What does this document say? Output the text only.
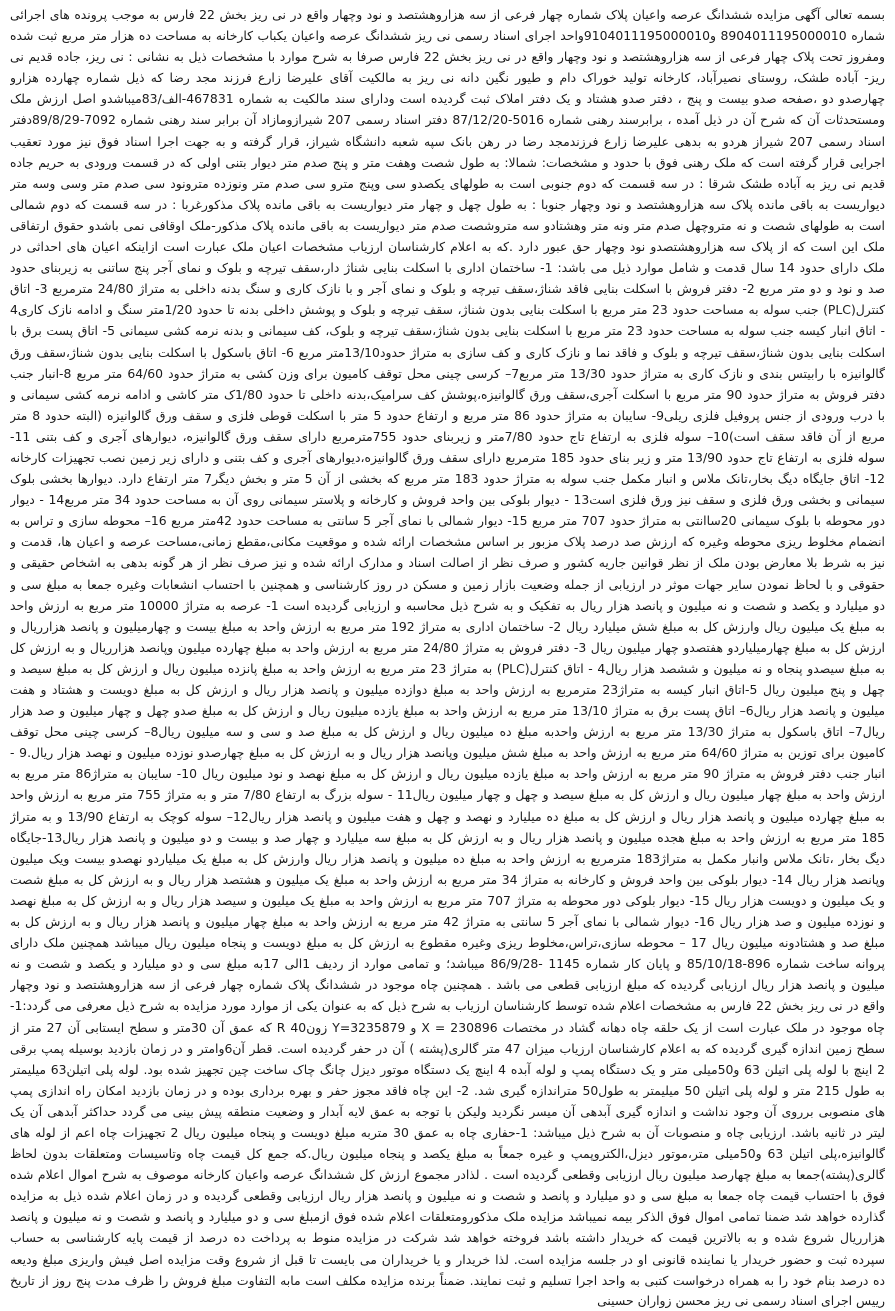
بسمه تعالی آگهی مزایده ششدانگ عرصه واعیان پلاک شماره چهار فرعی از سه هزاروهشتصد و نود وچهار واقع در نی ریز بخش 22 فارس به موجب پرونده های اجرائی شماره 8904011195000010 و9104011195000010واحد اجرای اسناد رسمی نی ریز ششدانگ عرصه واعیان یکباب کارخانه به مساحت ده هزار متر مربع ثبت شده ومفروز تحت پلاک چهار فرعی از سه هزاروهشتصد و نود وچهار واقع در نی ریز بخش 22 فارس صرفا به شرح موارد با مشخصات ذیل به نشانی : نی ریز، جاده قدیم نی ریز- آباده طشک، روستای نصیرآباد، کارخانه تولید خوراک دام و طیور نگین دانه نی ریز به مالکیت آقای علیرضا زارع فرزند مجد رضا که ذیل شماره چهارده هزارو چهارصدو دو ،صفحه صدو بیست و پنج ، دفتر صدو هشتاد و یک دفتر املاک ثبت گردیده است ودارای سند مالکیت به شماره 467831-الف/83میباشدو اصل ارزش ملک ومستحدثات آن که شرح آن در ذیل آمده ، برابرسند رهنی شماره 5016-87/12/20 دفتر اسناد رسمی 207 شیرازومازاد آن برابر سند رهنی شماره 7092-89/8/29دفتر اسناد رسمی 207 شیراز هردو به بدهی علیرضا زارع فرزندمجد رضا در رهن بانک سپه شعبه دانشگاه شیراز، قرار گرفته و به جهت اجرا اسناد فوق نیز مورد تعقیب اجرایی قرار گرفته است که ملک رهنی فوق با حدود و مشخصات: شمالا: به طول شصت وهفت متر و پنج صدم متر دیوار بتنی اولی که در قسمت ورودی به حریم جاده قدیم نی ریز به آباده طشک شرقا : در سه قسمت که دوم جنوبی است به طولهای یکصدو سی وپنج مترو سی صدم متر ونوزده مترونود سی صدم متر وسی وسه متر دیواریست به باقی مانده پلاک سه هزاروهشتصد و نود وچهار جنوبا : به طول چهل و چهار متر دیواریست به باقی مانده پلاک مذکورغربا : در سه قسمت که دوم شمالی است به طولهای شصت و نه متروچهل صدم متر ونه متر وهشتادو سه متروشصت صدم متر دیواریست به باقی مانده پلاک مذکور-ملک اوقافی نمی باشدو حقوق ارتفاقی ملک این است که از پلاک سه هزاروهشتصدو نود وچهار حق عبور دارد .که به اعلام کارشناسان ارزیاب مشخصات اعیان ملک عبارت است ازاینکه اعیان های احداثی در ملک دارای حدود 14 سال قدمت و شامل موارد ذیل می باشد: 1- ساختمان اداری با اسکلت بنایی شناژ دار،سقف تیرچه و بلوک و نمای آجر پنج ساتنی به زیربنای حدود صد و نود و دو متر مربع 2- دفتر فروش با اسکلت بنایی فاقد شناژ،سقف تیرچه و بلوک و نمای آجر و با نازک کاری و سنگ بدنه داخلی به متراژ 24/80 مترمربع 3- اتاق کنترل(PLC) جنب سوله به مساحت حدود 23 متر مربع با اسکلت بنایی بدون شناژ، سقف تیرچه و بلوک و پوشش داخلی بدنه تا حدود 1/20متر سنگ و ادامه نازک کاری4 - اتاق انبار کیسه جنب سوله به مساحت حدود 23 متر مربع با اسکلت بنایی بدون شناژ،سقف تیرچه و بلوک، کف سیمانی و بدنه نرمه کشی سیمانی 5- اتاق پست برق با اسکلت بنایی بدون شناژ،سقف تیرچه و بلوک و فاقد نما و نازک کاری و کف سازی به متراژ حدود13/10متر مربع 6- اتاق باسکول با اسکلت بنایی بدون شناژ،سقف ورق گالوانیزه با رابیتس بندی و نازک کاری به متراژ حدود 13/30 متر مربع7– کرسی چینی محل توقف کامیون برای وزن کشی به متراژ حدود 64/60 متر مربع 8-انبار جنب دفتر فروش به متراژ حدود 90 متر مربع با اسکلت آجری،سقف ورق گالوانیزه،پوشش کف سرامیک،بدنه داخلی تا حدود 1/80ک متر کاشی و ادامه نرمه کشی سیمانی و با درب ورودی از جنس پروفیل فلزی ریلی9- سایبان به متراژ حدود 86 متر مربع و ارتفاع حدود 5 متر با اسکلت قوطی فلزی و سقف ورق گالوانیزه (البته حدود 8 متر مربع از آن فاقد سقف است)10– سوله فلزی به ارتفاع تاج حدود 7/80متر و زیربنای حدود 755مترمربع دارای سقف ورق گالوانیزه، دیوارهای آجری و کف بتنی 11- سوله فلزی به ارتفاع تاج حدود 13/90 متر و زیر بنای حدود 185 مترمربع دارای سقف ورق گالوانیزه،دیوارهای آجری و کف بتنی و دارای زیر زمین نصب تجهیزات کارخانه 12- اتاق جایگاه دیگ بخار،تانک ملاس و انبار مکمل جنب سوله به متراژ حدود 183 متر مربع که بخشی از آن 5 متر و بخش دیگر7 متر ارتفاع دارد. دیوارها بخشی بلوک سیمانی و بخشی ورق فلزی و سقف نیز ورق فلزی است13 - دیوار بلوکی بین واحد فروش و کارخانه و پلاستر سیمانی روی آن به مساحت حدود 34 متر مربع14 - دیوار دور محوطه با بلوک سیمانی 20ساانتی به متراژ حدود 707 متر مربع 15- دیوار شمالی با نمای آجر 5 سانتی به مساحت حدود 42متر مربع 16– محوطه سازی و تراس به انضمام مخلوط ریزی محوطه وغیره که ارزش صد درصد پلاک مزبور بر اساس مشخصات ارائه شده و موقعیت مکانی،مقطع زمانی،مساحت عرصه و اعیان ها، قدمت و نیز به شرط بلا معارض بودن ملک از نظر قوانین جاریه کشور و صرف نظر از اصالت اسناد و مدارک ارائه شده و نیز صرف نظر از هر گونه بدهی به اشخاص حقیقی و حقوقی و با لحاظ نمودن سایر جهات موثر در ارزیابی از جمله وضعیت بازار زمین و مسکن در روز کارشناسی و همچنین با احتساب انشعابات وغیره جمعا به مبلغ سی و دو میلیارد و یکصد و شصت و نه میلیون و پانصد هزار ریال به تفکیک و به شرح ذیل محاسبه و ارزیابی گردیده است 1- عرصه به متراژ 10000 متر مربع به ارزش واحد به مبلغ یک میلیون ریال وارزش کل به مبلغ شش میلیارد ریال 2- ساختمان اداری به متراژ 192 متر مربع به ارزش واحد به مبلغ بیست و چهارمیلیون و پانصد هزارریال و ارزش کل به مبلغ چهارمیلیاردو هفتصدو چهار میلیون ریال 3- دفتر فروش به متراژ 24/80 متر مربع به ارزش واحد به مبلغ چهارده میلیون وپانصد هزارریال و به ارزش کل به مبلغ سیصدو پنجاه و نه میلیون و ششصد هزار ریال4 - اتاق کنترل(PLC) به متراژ 23 متر مربع به ارزش واحد به مبلغ پانزده میلیون ریال و ارزش کل به مبلغ سیصد و چهل و پنج میلیون ریال 5-اتاق انبار کیسه به متراژ23 مترمربع به ارزش واحد به مبلغ دوازده میلیون و پانصد هزار ریال و ارزش کل به مبلغ دویست و هشتاد و هفت میلیون و پانصد هزار ریال6– اتاق پست برق به متراژ 13/10 متر مربع به ارزش واحد به مبلغ یازده میلیون ریال و ارزش کل به مبلغ صدو چهل و چهار میلیون و صد هزار ریال7– اتاق باسکول به متراژ 13/30 متر مربع به ارزش واحدبه مبلغ ده میلیون ریال و ارزش کل به مبلغ صد و سی و سه میلیون ریال8– کرسی چینی محل توقف کامیون برای توزین به متراژ 64/60 متر مربع به ارزش واحد به مبلغ شش میلیون وپانصد هزار ریال و به ارزش کل به مبلغ چهارصدو نوزده میلیون و نهصد هزار ریال.9 - انبار جنب دفتر فروش به متراژ 90 متر مربع به ارزش واحد به مبلغ یازده میلیون ریال و ارزش کل به مبلغ نهصد و نود میلیون ریال 10- سایبان به متراژ86 متر مربع به ارزش واحد به مبلغ چهار میلیون ریال و ارزش کل به مبلغ سیصد و چهل و چهار میلیون ریال11 - سوله بزرگ به ارتفاع 7/80 متر و به متراژ 755 متر مربع به ارزش واحد به مبلغ چهارده میلیون و پانصد هزار ریال و ارزش کل به مبلغ ده میلیارد و نهصد و چهل و هفت میلیون و پانصد هزار ریال12– سوله کوچک به ارتفاع 13/90 و به متراژ 185 متر مربع به ارزش واحد به مبلغ هجده میلیون و پانصد هزار ریال و به ارزش کل به مبلغ سه میلیارد و چهار صد و بیست و دو میلیون و پانصد هزار ریال13-جایگاه دیگ بخار ،تانک ملاس وانبار مکمل به متراژ183 مترمربع به ارزش واحد به مبلغ ده میلیون و پانصد هزار ریال وارزش کل به مبلغ یک میلیاردو نهصدو بیست ویک میلیون وپانصد هزار ریال 14- دیوار بلوکی بین واحد فروش و کارخانه به متراژ 34 متر مربع به ارزش واحد به مبلغ یک میلیون و هشتصد هزار ریال و به ارزش کل به مبلغ شصت و یک میلیون و دویست هزار ریال 15- دیوار بلوکی دور محوطه به متراژ 707 متر مربع به ارزش واحد به مبلغ یک میلیون و سیصد هزار ریال و به ارزش کل به مبلغ نهصد و نوزده میلیون و صد هزار ریال 16- دیوار شمالی با نمای آجر 5 سانتی به متراژ 42 متر مربع به ارزش واحد به مبلغ چهار میلیون و پانصد هزار ریال و به ارزش کل به مبلغ صد و هشتادونه میلیون ریال 17 – محوطه سازی،تراس،مخلوط ریزی وغیره مقطوع به ارزش کل به مبلغ دویست و پنجاه میلیون ریال میباشد همچنین ملک دارای پروانه ساخت شماره 896-85/10/18 و پایان کار شماره 1145 -86/9/28 میباشد؛ و تمامی موارد از ردیف 1الی 17به مبلغ سی و دو میلیارد و یکصد و شصت و نه میلیون و پانصد هزار ریال ارزیابی گردیده که مبلغ ارزیابی قطعی می باشد . همچنین چاه موجود در ششدانگ پلاک شماره چهار فرعی از سه هزاروهشتصد و نود وچهار واقع در نی ریز بخش 22 فارس به مشخصات اعلام شده توسط کارشناسان ارزیاب به شرح ذیل که به عنوان یکی از موارد مورد مزایده به شرح ذیل معرفی می گردد:1- چاه موجود در ملک عبارت است از یک حلقه چاه دهانه گشاد در مختصات X = 230896 و Y=3235879 زونR 40 که عمق آن 30متر و سطح ایستابی آن 27 متر از سطح زمین اندازه گیری گردیده که به اعلام کارشناسان ارزیاب میزان 47 متر گالری(پشته ) آن در حفر گردیده است. قطر آن6وامتر و در زمان بازدید بوسیله پمپ برقی 2 اینچ با لوله پلی اتیلن 63 و50میلی متر و یک دستگاه پمپ و لوله آبده 4 اینچ یک دستگاه موتور دیزل چانگ چاک ساخت چین تجهیز شده بود. لوله پلی اتیلن63 میلیمتر به طول 215 متر و لوله پلی اتیلن 50 میلیمتر به طول50 متراندازه گیری شد. 2- این چاه فاقد مجوز حفر و بهره برداری بوده و در زمان بازدید امکان راه اندازی پمپ های منصوبی برروی آن وجود نداشت و اندازه گیری آبدهی آن میسر نگردید ولیکن با توجه به عمق لایه آبدار و وضعیت منطقه پیش بینی می گردد حداکثر آبدهی آن یک لیتر در ثانیه باشد. ارزیابی چاه و منصوبات آن به شرح ذیل میباشد: 1-حفاری چاه به عمق 30 متربه مبلغ دویست و پنجاه میلیون ریال 2 تجهیزات چاه اعم از لوله های گالوانیزه،پلی اتیلن 63 و50میلی متر،موتور دیزل،الکتروپمپ و غیره جمعاً به مبلغ یکصد و پنجاه میلیون ریال.که جمع کل قیمت چاه وتاسیسات ومتعلقات بدون لحاظ گالری(پشته)جمعا به مبلغ چهارصد میلیون ریال ارزیابی وقطعی گردیده است . لذادر مجموع ارزش کل ششدانگ عرصه واعیان کارخانه موصوف به شرح اموال اعلام شده فوق با احتساب قیمت چاه جمعا به مبلغ سی و دو میلیارد و پانصد و شصت و نه میلیون و پانصد هزار ریال ارزیابی وقطعی گردیده و در زمان اعلام شده ذیل به مزایده گذارده خواهد شد ضمنا تمامی اموال فوق الذکر بیمه نمیباشد مزایده ملک مذکورومتعلقات اعلام شده فوق ازمبلغ سی و دو میلیارد و پانصد و شصت و نه میلیون و پانصد هزارریال شروع شده و به بالاترین قیمت که خریدار داشته باشد فروخته خواهد شد شرکت در مزایده منوط به پرداخت ده درصد از قیمت پایه کارشناسی به حساب سپرده ثبت و حضور خریدار یا نماینده قانونی او در جلسه مزایده است. لذا خریدار و یا خریداران می بایست تا قبل از شروع وقت مزایده اصل فیش واریزی مبلغ ودیعه ده درصد بنام خود را به همراه درخواست کتبی به واحد اجرا تسلیم و ثبت نمایند. ضمناً برنده مزایده مکلف است مابه التفاوت مبلغ فروش را ظرف مدت پنج روز از تاریخ

رییس اجرای اسناد رسمی نی ریز محسن زواران حسینی
